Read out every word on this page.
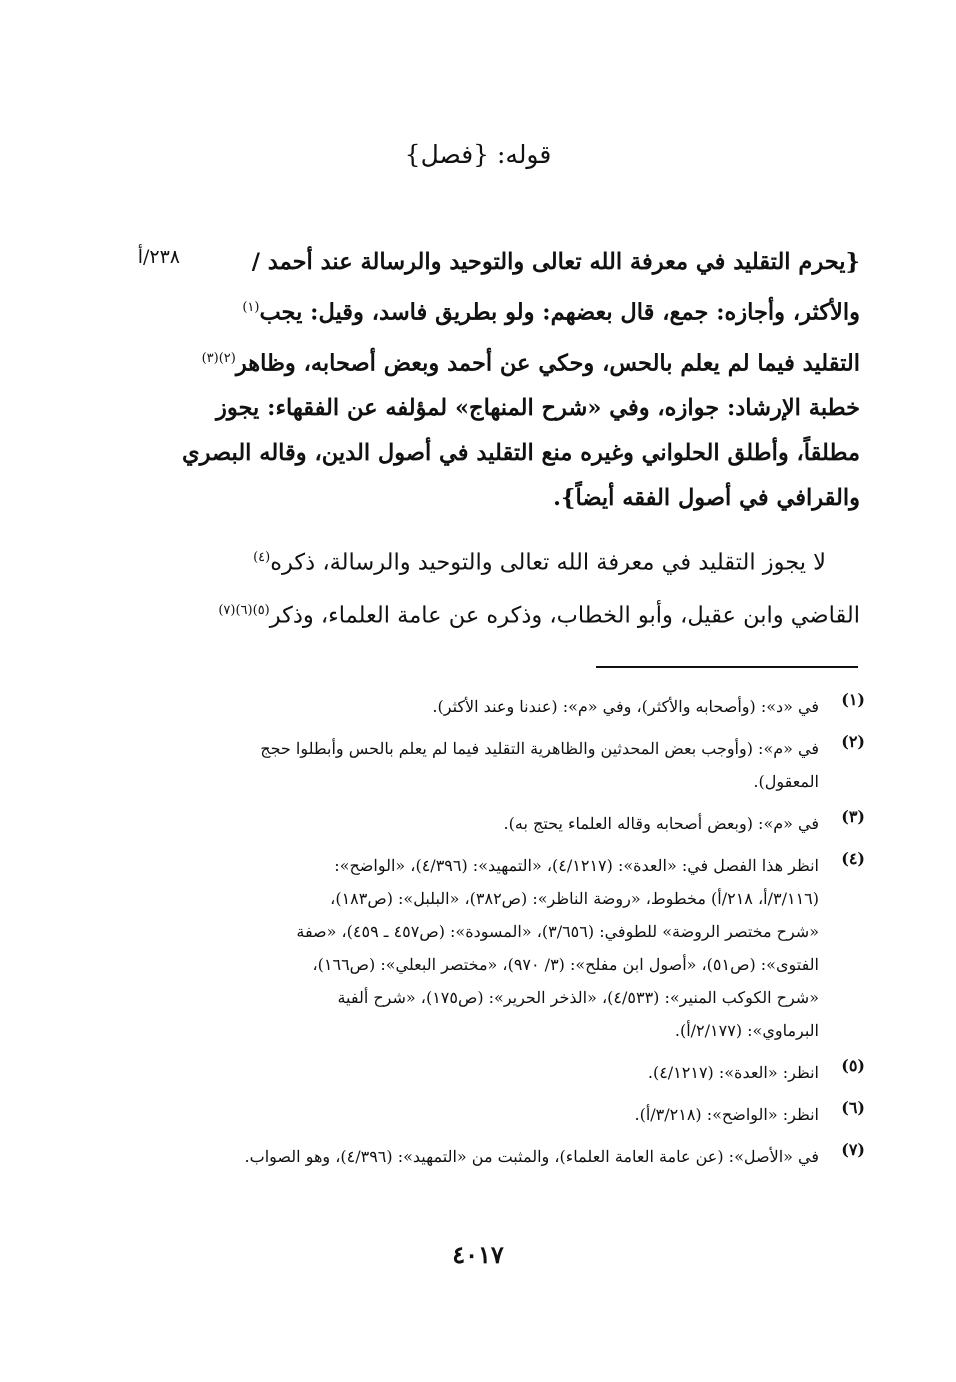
قوله: {فصل}
٢٣٨/أ	{يحرم التقليد في معرفة الله تعالى والتوحيد والرسالة عند أحمد /
والأكثر، وأجازه: جمع، قال بعضهم: ولو بطريق فاسد، وقيل: يجب$^{(١)}$
التقليد فيما لم يعلم بالحس، وحكي عن أحمد وبعض أصحابه، وظاهر$^{(٢)(٣)}$
خطبة الإرشاد: جوازه، وفي «شرح المنهاج» لمؤلفه عن الفقهاء: يجوز
مطلقاً، وأطلق الحلواني وغيره منع التقليد في أصول الدين، وقاله البصري
والقرافي في أصول الفقه أيضاً}.
لا يجوز التقليد في معرفة الله تعالى والتوحيد والرسالة، ذكره$^{(٤)}$
القاضي وابن عقيل، وأبو الخطاب، وذكره عن عامة العلماء، وذكر$^{(٥)(٦)(٧)}$
(١)
في «د»: (وأصحابه والأكثر)، وفي «م»: (عندنا وعند الأكثر).
(٢)
في «م»: (وأوجب بعض المحدثين والظاهرية التقليد فيما لم يعلم بالحس وأبطلوا حجج
المعقول).
(٣)
في «م»: (وبعض أصحابه وقاله العلماء يحتج به).
(٤)
انظر هذا الفصل في: «العدة»: (٤/١٢١٧)، «التمهيد»: (٤/٣٩٦)، «الواضح»:
(٣/١١٦/أ، ٢١٨/أ) مخطوط، «روضة الناظر»: (ص٣٨٢)، «البلبل»: (ص١٨٣)،
«شرح مختصر الروضة» للطوفي: (٣/٦٥٦)، «المسودة»: (ص٤٥٧ ـ ٤٥٩)، «صفة
الفتوى»: (ص٥١)، «أصول ابن مفلح»: (٣/ ٩٧٠)، «مختصر البعلي»: (ص١٦٦)،
«شرح الكوكب المنير»: (٤/٥٣٣)، «الذخر الحرير»: (ص١٧٥)، «شرح ألفية
البرماوي»: (٢/١٧٧/أ).
(٥)
انظر: «العدة»: (٤/١٢١٧).
(٦)
انظر: «الواضح»: (٣/٢١٨/أ).
(٧)
في «الأصل»: (عن عامة العامة العلماء)، والمثبت من «التمهيد»: (٤/٣٩٦)، وهو الصواب.
٤٠١٧
